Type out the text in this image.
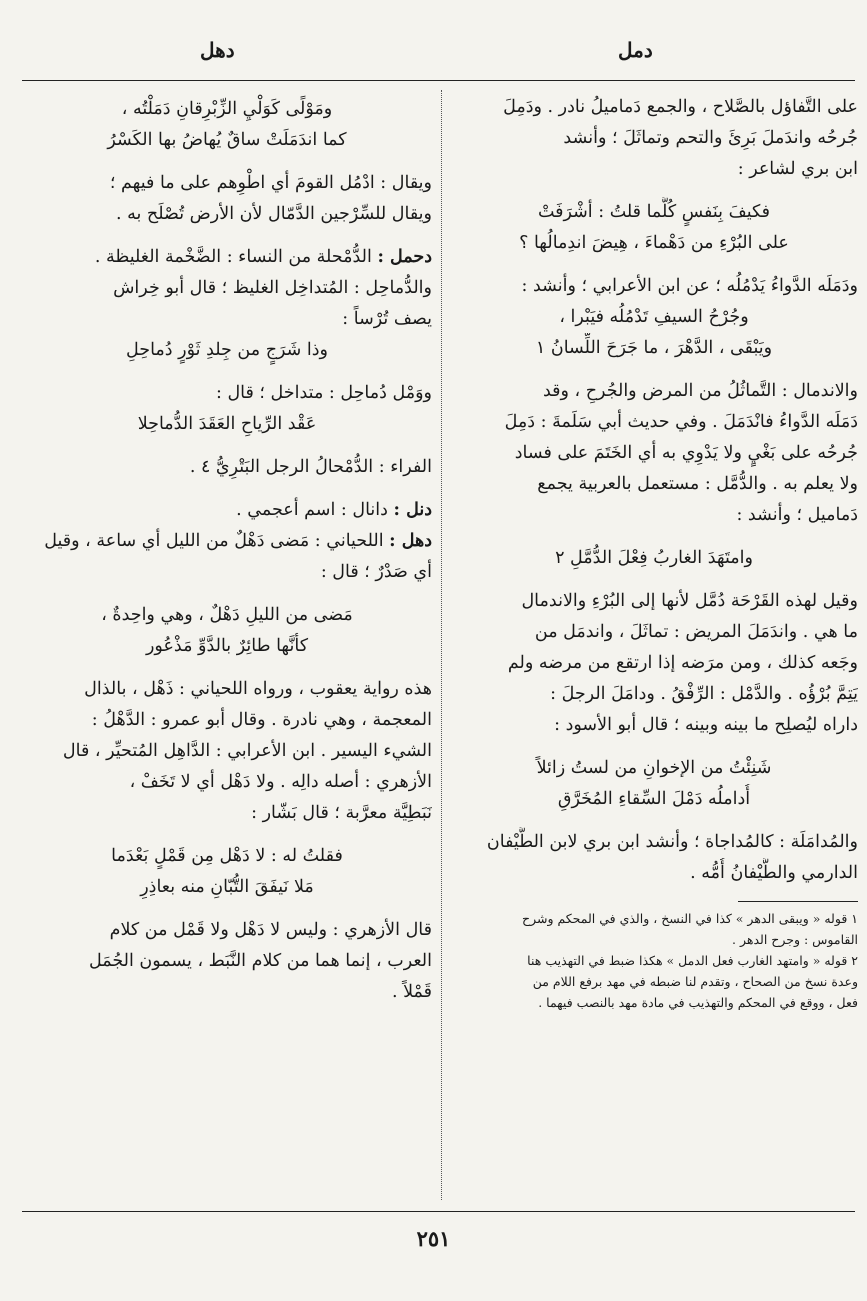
دمل
دهل
على التَّفاؤل بالصَّلاح ، والجمع دَماميلُ نادر . ودَمِلَ
جُرحُه واندَملَ بَرِئَ والتحم وتماثَلَ ؛ وأنشد
ابن بري لشاعر :
فكيفَ بِنَفسٍ كُلَّما قلتُ : أشْرَفَتْ
على البُرْءِ من دَهْماءَ ، هِيضَ اندِمالُها ؟
ودَمَلَه الدَّواءُ يَدْمُلُه ؛ عن ابن الأعرابي ؛ وأنشد :
وجُرْحُ السيفِ تَدْمُلُه فيَبْرا ،
ويَبْقَى ، الدَّهْرَ ، ما جَرَحَ اللِّسانُ ١
والاندمال : التَّماثُلُ من المرض والجُرحِ ، وقد
دَمَلَه الدَّواءُ فانْدَمَلَ . وفي حديث أبي سَلَمةَ : دَمِلَ
جُرحُه على بَغْيٍ ولا يَدْوِي به أي الخَتَمَ على فساد
ولا يعلم به . والدُّمَّل : مستعمل بالعربية يجمع
دَماميل ؛ وأنشد :
وامتَهَدَ الغاربُ فِعْلَ الدُّمَّلِ ٢
وقيل لهذه القَرْحَة دُمَّل لأنها إلى البُرْءِ والاندمال
ما هي . واندَمَلَ المريض : تماثَلَ ، واندمَل من
وجَعه كذلك ، ومن مرَضه إذا ارتقع من مرضه ولم
يَتِمَّ بُرْؤُه . والدَّمْل : الرِّفْقُ . ودامَلَ الرجلَ :
داراه ليُصلِح ما بينه وبينه ؛ قال أبو الأسود :
شَنِئْتُ من الإخوانِ من لستُ زائلاً
أُداملُه دَمْلَ السِّقاءِ المُخَرَّقِ
والمُدامَلَة : كالمُداجاة ؛ وأنشد ابن بري لابن الطَّيْفان
الدارمي والطَّيْفانُ أُمُّه .
١ قوله « ويبقى الدهر » كذا في النسخ ، والذي في المحكم وشرح
القاموس : وجرح الدهر .
٢ قوله « وامتهد الغارب فعل الدمل » هكذا ضبط في التهذيب هنا
وعدة نسخ من الصحاح ، وتقدم لنا ضبطه في مهد برفع اللام من
فعل ، ووقع في المحكم والتهذيب في مادة مهد بالنصب فيهما .
ومَوْلًى كَوَلْيِ الزِّبْرِقانِ دَمَلْتُه ،
كما اندَمَلَتْ ساقٌ يُهاضُ بها الكَسْرُ
ويقال : ادْمُل القومَ أي اطْوِهم على ما فيهم ؛
ويقال للسِّرْجين الدَّمّال لأن الأرض تُصْلَح به .
دحمل : الدُّمْحلة من النساء : الضَّخْمة الغليظة .
والدُّماحِل : المُتداخِل الغليظ ؛ قال أبو خِراش
يصف تُرْساً :
وذا شَرَجٍ من جِلدِ ثَوْرٍ دُماحِلِ
ووَمْل دُماحِل : متداخل ؛ قال :
عَقْد الرِّياحِ العَقَدَ الدُّماحِلا
الفراء : الدُّمْحالُ الرجل البَتْرِيُّ ٤ .
دنل : دانال : اسم أعجمي .
دهل : اللحياني : مَضى دَهْلٌ من الليل أي ساعة ، وقيل
أي صَدْرٌ ؛ قال :
مَضى من الليلِ دَهْلٌ ، وهي واحِدةٌ ،
كأنَّها طائِرٌ بالدَّوِّ مَذْعُور
هذه رواية يعقوب ، ورواه اللحياني : ذَهْل ، بالذال
المعجمة ، وهي نادرة . وقال أبو عمرو : الدَّهْلُ :
الشيء اليسير . ابن الأعرابي : الدَّاهِل المُتحيِّر ، قال
الأزهري : أصله دالِه . ولا دَهْل أي لا تَخَفْ ،
نَبَطِيَّة معرَّبة ؛ قال بَشّار :
فقلتُ له : لا دَهْل مِن قَمْلٍ بَعْدَما
مَلا نَيفَقَ التُّبّانِ منه بعاذِرِ
قال الأزهري : وليس لا دَهْل ولا قَمْل من كلام
العرب ، إنما هما من كلام النَّبَط ، يسمون الجُمَل
قَمْلاً .
٢٥١
